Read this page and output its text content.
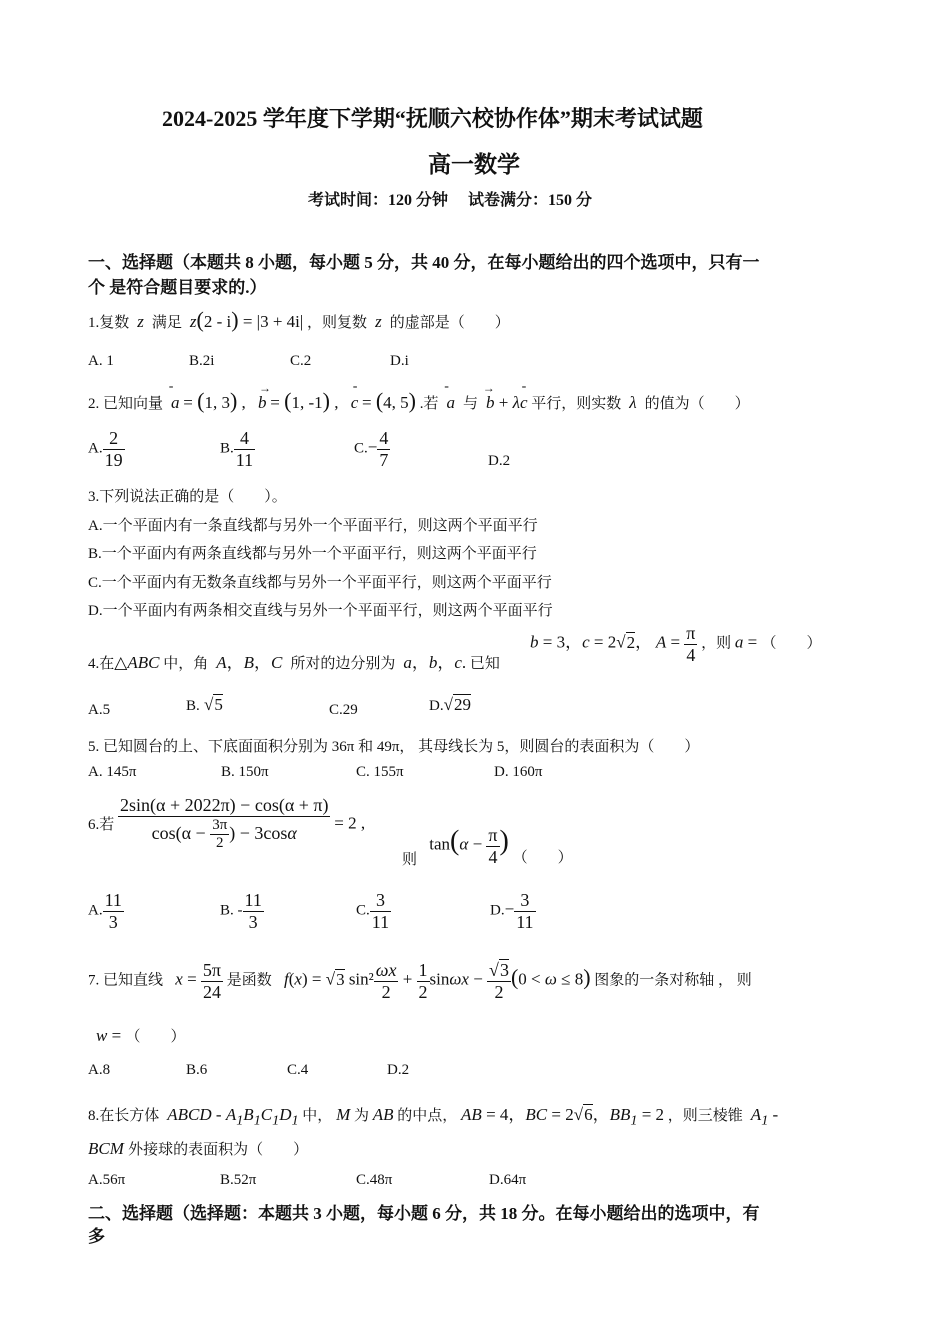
2024-2025 学年度下学期“抚顺六校协作体”期末考试试题
高一数学
考试时间：120 分钟　 试卷满分：150 分
一、选择题（本题共 8 小题，每小题 5 分，共 40 分，在每小题给出的四个选项中，只有一
个 是符合题目要求的.）
1.复数  z  满足  z(2 - i) = |3 + 4i| ，则复数  z  的虚部是（　　）
A. 1	B.2i	C.2	D.i
2. 已知向量  a
-
= (1, 3) ,   b
→
= (1, -1) ,   c
-
= (4, 5) .若  a
-
与  b
→
+ λc
-
平行，则实数  λ  的值为（　　）
A. $\frac{2}{19}$	B. $\frac{4}{11}$	$C.- \frac{4}{7}$	D.2
3.下列说法正确的是（　　）。
A.一个平面内有一条直线都与另外一个平面平行，则这两个平面平行
B.一个平面内有两条直线都与另外一个平面平行，则这两个平面平行
C.一个平面内有无数条直线都与另外一个平面平行，则这两个平面平行
D.一个平面内有两条相交直线与另外一个平面平行，则这两个平面平行
4.在△ABC 中，角  A，B，C  所对的边分别为  a，b，c. 已知
b = 3，c = 2√2， $A = \frac{\pi}{4}$ ，则 a = （　　）
A.5	B. √5	C.29	D.√29
5. 已知圆台的上、下底面面积分别为 36π 和 49π， 其母线长为 5，则圆台的表面积为（　　）
A. 145π	B. 150π	C. 155π	D. 160π
6.若 $\frac{2\sin(\alpha + 2022\pi) - \cos(\alpha + \pi)}{\cos(\alpha - \frac{3\pi}{2} ) - 3\cos\alpha} = 2$ ,
则   $\tan(\alpha - \frac{\pi}{4}$ ) （　　）
A. $\frac{11}{3}$	B. - $\frac{11}{3}$	C. $\frac{3}{11}$	$D.- \frac{3}{11}$
7. 已知直线   $x = \frac{5\pi}{24}$ 是函数   f(x) = √3 $\sin^2 \frac{\omega x}{2} + \frac{1}{2}$ $\sin\omega x - \frac{√3}{2} (0 < \omega \le 8)$ 图象的一条对称轴 ， 则
w = （　　）
A.8	B.6	C.4	D.2
8.在长方体  ABCD - $A_1B_1C_1D_1$ 中， M 为 AB 的中点， AB = 4，BC = 2√6，$BB_1 = 2$ ，则三棱锥  $A_1$ -
BCM 外接球的表面积为（　　）
A.56π	B.52π	C.48π	D.64π
二、选择题（选择题：本题共 3 小题，每小题 6 分，共 18 分。在每小题给出的选项中，有
多
